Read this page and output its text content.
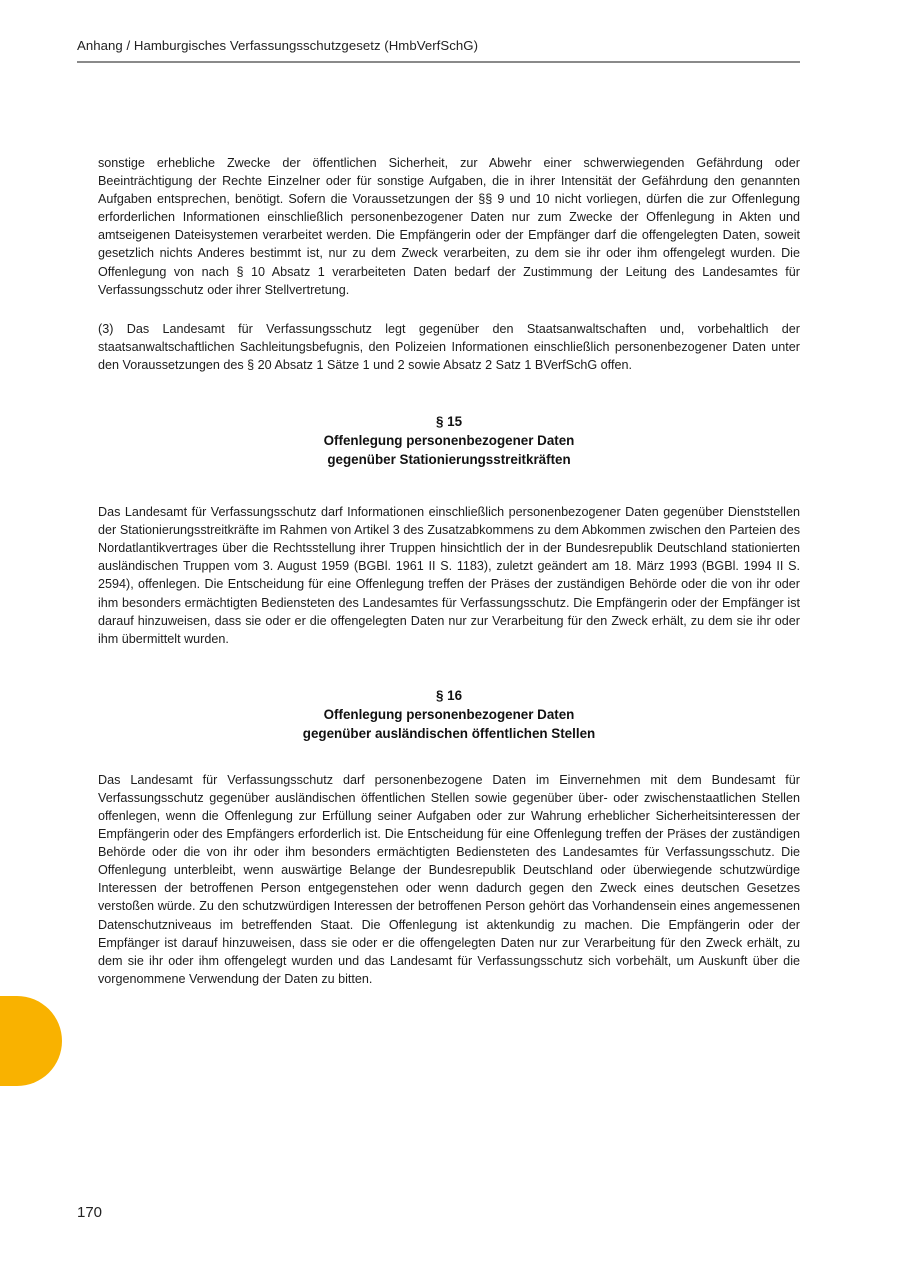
Anhang / Hamburgisches Verfassungsschutzgesetz (HmbVerfSchG)

sonstige erhebliche Zwecke der öffentlichen Sicherheit, zur Abwehr einer schwerwiegenden Gefährdung oder Beeinträchtigung der Rechte Einzelner oder für sonstige Aufgaben, die in ihrer Intensität der Gefährdung den genannten Aufgaben entsprechen, benötigt. Sofern die Voraussetzungen der §§ 9 und 10 nicht vorliegen, dürfen die zur Offenlegung erforderlichen Informationen einschließlich personenbezogener Daten nur zum Zwecke der Offenlegung in Akten und amtseigenen Dateisystemen verarbeitet werden. Die Empfängerin oder der Empfänger darf die offengelegten Daten, soweit gesetzlich nichts Anderes bestimmt ist, nur zu dem Zweck verarbeiten, zu dem sie ihr oder ihm offengelegt wurden. Die Offenlegung von nach § 10 Absatz 1 verarbeiteten Daten bedarf der Zustimmung der Leitung des Landesamtes für Verfassungsschutz oder ihrer Stellvertretung.

(3) Das Landesamt für Verfassungsschutz legt gegenüber den Staatsanwaltschaften und, vorbehaltlich der staatsanwaltschaftlichen Sachleitungsbefugnis, den Polizeien Informationen einschließlich personenbezogener Daten unter den Voraussetzungen des § 20 Absatz 1 Sätze 1 und 2 sowie Absatz 2 Satz 1 BVerfSchG offen.

§ 15
Offenlegung personenbezogener Daten
gegenüber Stationierungsstreitkräften

Das Landesamt für Verfassungsschutz darf Informationen einschließlich personenbezogener Daten gegenüber Dienststellen der Stationierungsstreitkräfte im Rahmen von Artikel 3 des Zusatzabkommens zu dem Abkommen zwischen den Parteien des Nordatlantikvertrages über die Rechtsstellung ihrer Truppen hinsichtlich der in der Bundesrepublik Deutschland stationierten ausländischen Truppen vom 3. August 1959 (BGBl. 1961 II S. 1183), zuletzt geändert am 18. März 1993 (BGBl. 1994 II S. 2594), offenlegen. Die Entscheidung für eine Offenlegung treffen der Präses der zuständigen Behörde oder die von ihr oder ihm besonders ermächtigten Bediensteten des Landesamtes für Verfassungsschutz. Die Empfängerin oder der Empfänger ist darauf hinzuweisen, dass sie oder er die offengelegten Daten nur zur Verarbeitung für den Zweck erhält, zu dem sie ihr oder ihm übermittelt wurden.

§ 16
Offenlegung personenbezogener Daten
gegenüber ausländischen öffentlichen Stellen

Das Landesamt für Verfassungsschutz darf personenbezogene Daten im Einvernehmen mit dem Bundesamt für Verfassungsschutz gegenüber ausländischen öffentlichen Stellen sowie gegenüber über- oder zwischenstaatlichen Stellen offenlegen, wenn die Offenlegung zur Erfüllung seiner Aufgaben oder zur Wahrung erheblicher Sicherheitsinteressen der Empfängerin oder des Empfängers erforderlich ist. Die Entscheidung für eine Offenlegung treffen der Präses der zuständigen Behörde oder die von ihr oder ihm besonders ermächtigten Bediensteten des Landesamtes für Verfassungsschutz. Die Offenlegung unterbleibt, wenn auswärtige Belange der Bundesrepublik Deutschland oder überwiegende schutzwürdige Interessen der betroffenen Person entgegenstehen oder wenn dadurch gegen den Zweck eines deutschen Gesetzes verstoßen würde. Zu den schutzwürdigen Interessen der betroffenen Person gehört das Vorhandensein eines angemessenen Datenschutzniveaus im betreffenden Staat. Die Offenlegung ist aktenkundig zu machen. Die Empfängerin oder der Empfänger ist darauf hinzuweisen, dass sie oder er die offengelegten Daten nur zur Verarbeitung für den Zweck erhält, zu dem sie ihr oder ihm offengelegt wurden und das Landesamt für Verfassungsschutz sich vorbehält, um Auskunft über die vorgenommene Verwendung der Daten zu bitten.

170
